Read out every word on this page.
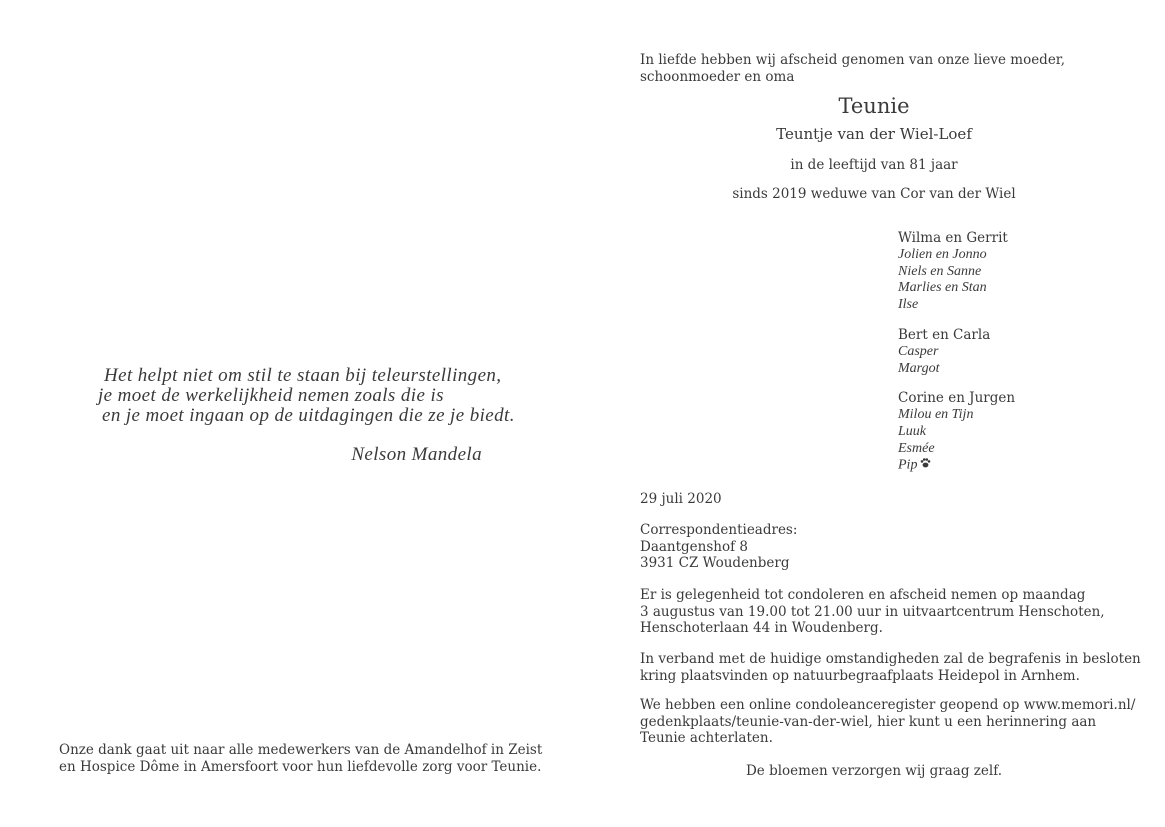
Het helpt niet om stil te staan bij teleurstellingen,
je moet de werkelijkheid nemen zoals die is
en je moet ingaan op de uitdagingen die ze je biedt.
Nelson Mandela
Onze dank gaat uit naar alle medewerkers van de Amandelhof in Zeist
en Hospice Dôme in Amersfoort voor hun liefdevolle zorg voor Teunie.
In liefde hebben wij afscheid genomen van onze lieve moeder,
schoonmoeder en oma
Teunie
Teuntje van der Wiel-Loef
in de leeftijd van 81 jaar
sinds 2019 weduwe van Cor van der Wiel
Wilma en Gerrit
Jolien en Jonno
Niels en Sanne
Marlies en Stan
Ilse
Bert en Carla
Casper
Margot
Corine en Jurgen
Milou en Tijn
Luuk
Esmée
Pip
29 juli 2020
Correspondentieadres:
Daantgenshof 8
3931 CZ Woudenberg
Er is gelegenheid tot condoleren en afscheid nemen op maandag
3 augustus van 19.00 tot 21.00 uur in uitvaartcentrum Henschoten,
Henschoterlaan 44 in Woudenberg.
In verband met de huidige omstandigheden zal de begrafenis in besloten
kring plaatsvinden op natuurbegraafplaats Heidepol in Arnhem.
We hebben een online condoleanceregister geopend op www.memori.nl/
gedenkplaats/teunie-van-der-wiel, hier kunt u een herinnering aan
Teunie achterlaten.
De bloemen verzorgen wij graag zelf.
